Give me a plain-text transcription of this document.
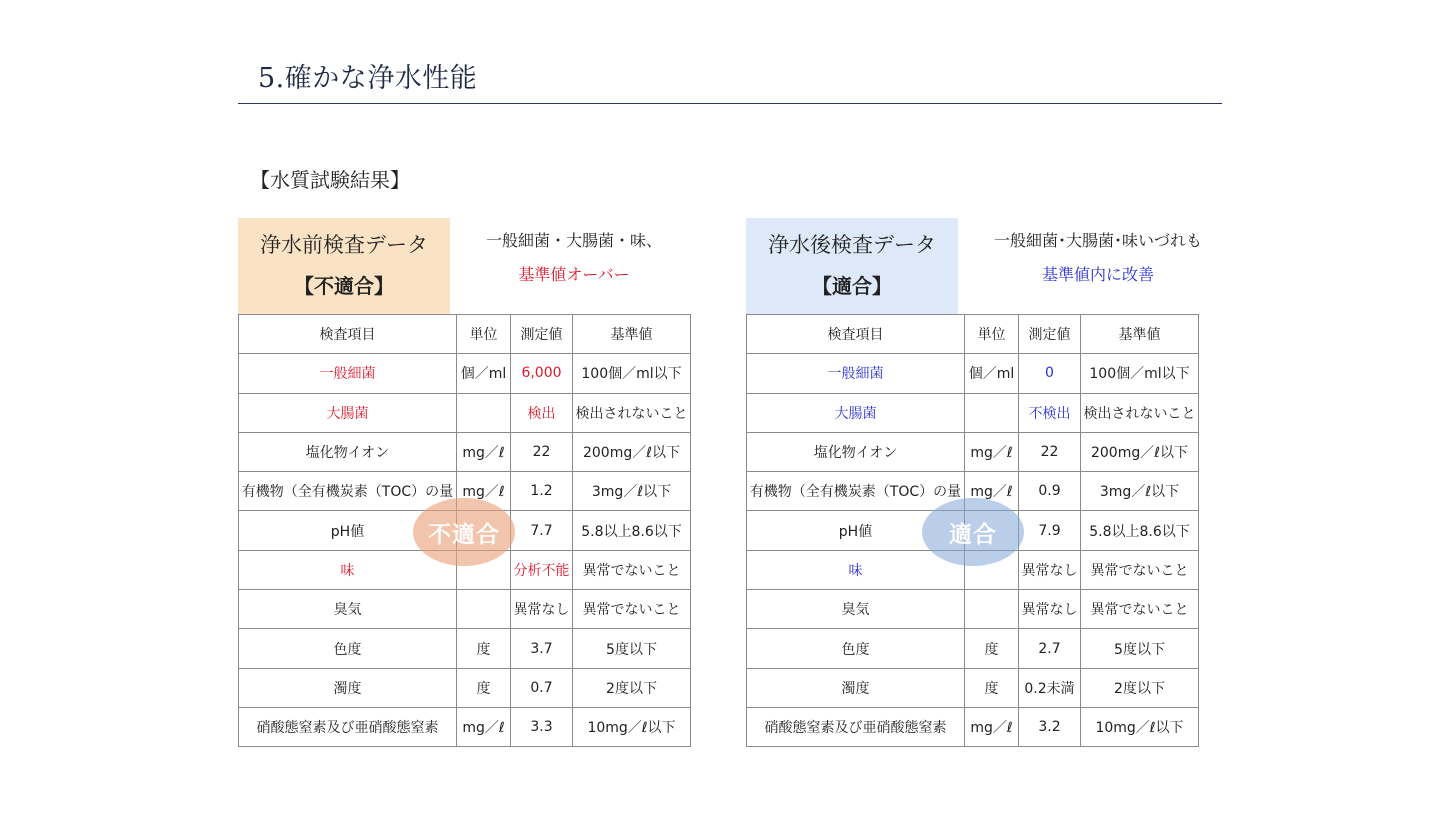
5.確かな浄水性能
【水質試験結果】
浄水前検査データ
【不適合】
一般細菌・大腸菌・味、
基準値オーバー
検査項目	単位	測定値	基準値
一般細菌	個／ml	6,000	100個／ml以下
大腸菌		検出	検出されないこと
塩化物イオン	mg／ℓ	22	200mg／ℓ以下
有機物（全有機炭素（TOC）の量	mg／ℓ	1.2	3mg／ℓ以下
pH値		7.7	5.8以上8.6以下
味		分析不能	異常でないこと
臭気		異常なし	異常でないこと
色度	度	3.7	5度以下
濁度	度	0.7	2度以下
硝酸態窒素及び亜硝酸態窒素	mg／ℓ	3.3	10mg／ℓ以下
不適合
浄水後検査データ
【適合】
一般細菌･大腸菌･味いづれも
基準値内に改善
検査項目	単位	測定値	基準値
一般細菌	個／ml	0	100個／ml以下
大腸菌		不検出	検出されないこと
塩化物イオン	mg／ℓ	22	200mg／ℓ以下
有機物（全有機炭素（TOC）の量	mg／ℓ	0.9	3mg／ℓ以下
pH値		7.9	5.8以上8.6以下
味		異常なし	異常でないこと
臭気		異常なし	異常でないこと
色度	度	2.7	5度以下
濁度	度	0.2未満	2度以下
硝酸態窒素及び亜硝酸態窒素	mg／ℓ	3.2	10mg／ℓ以下
適合
